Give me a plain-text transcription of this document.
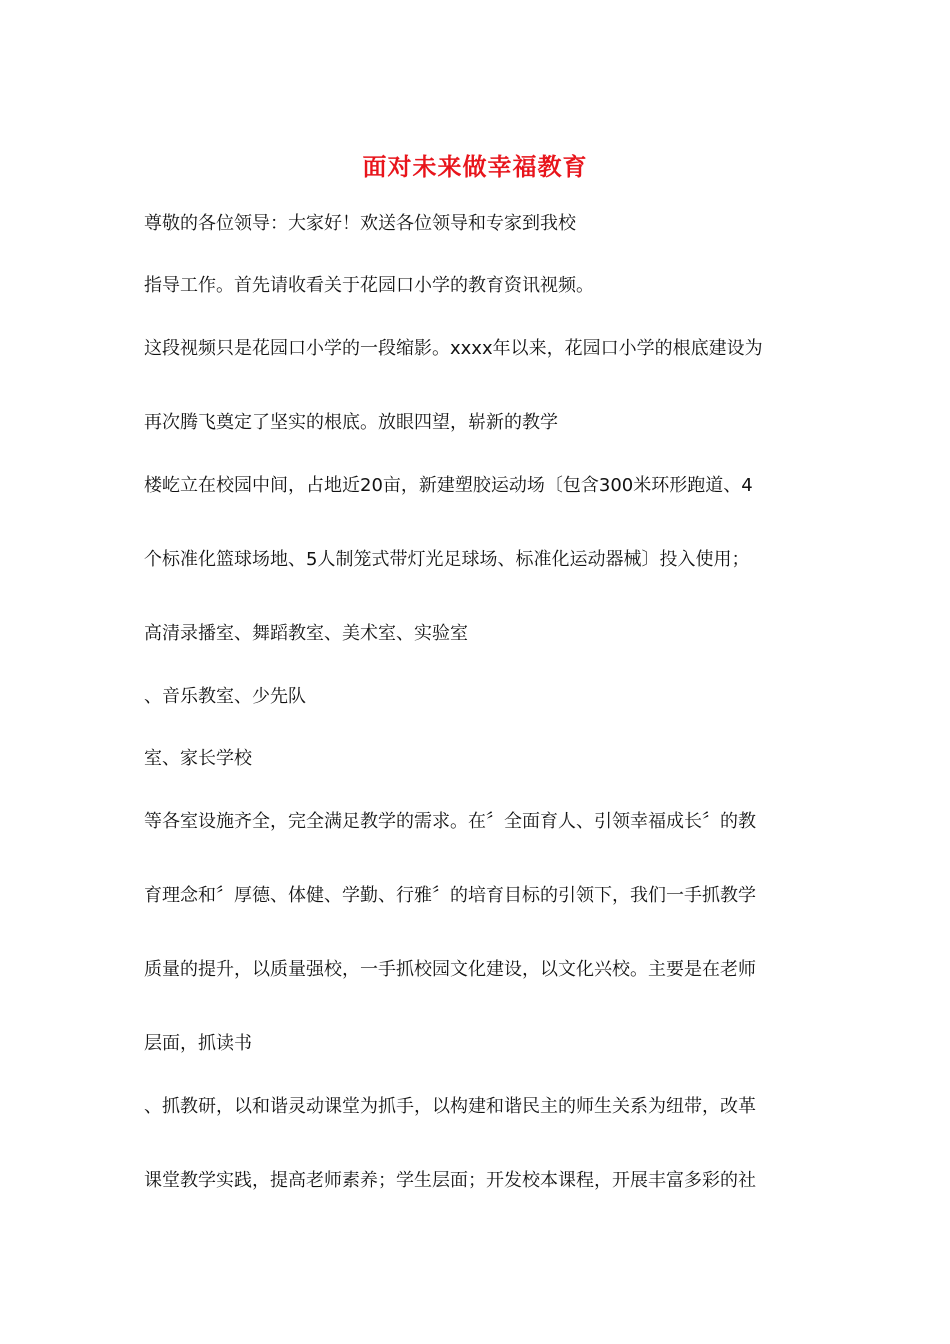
面对未来做幸福教育
尊敬的各位领导：大家好！欢送各位领导和专家到我校
指导工作。首先请收看关于花园口小学的教育资讯视频。
这段视频只是花园口小学的一段缩影。xxxx年以来，花园口小学的根底建设为
再次腾飞奠定了坚实的根底。放眼四望，崭新的教学
楼屹立在校园中间，占地近20亩，新建塑胶运动场〔包含300米环形跑道、4
个标准化篮球场地、5人制笼式带灯光足球场、标准化运动器械〕投入使用；
高清录播室、舞蹈教室、美术室、实验室
、音乐教室、少先队
室、家长学校
等各室设施齐全，完全满足教学的需求。在〞全面育人、引领幸福成长〞的教
育理念和〞厚德、体健、学勤、行雅〞的培育目标的引领下，我们一手抓教学
质量的提升，以质量强校，一手抓校园文化建设，以文化兴校。主要是在老师
层面，抓读书
、抓教研，以和谐灵动课堂为抓手，以构建和谐民主的师生关系为纽带，改革
课堂教学实践，提高老师素养；学生层面；开发校本课程，开展丰富多彩的社
